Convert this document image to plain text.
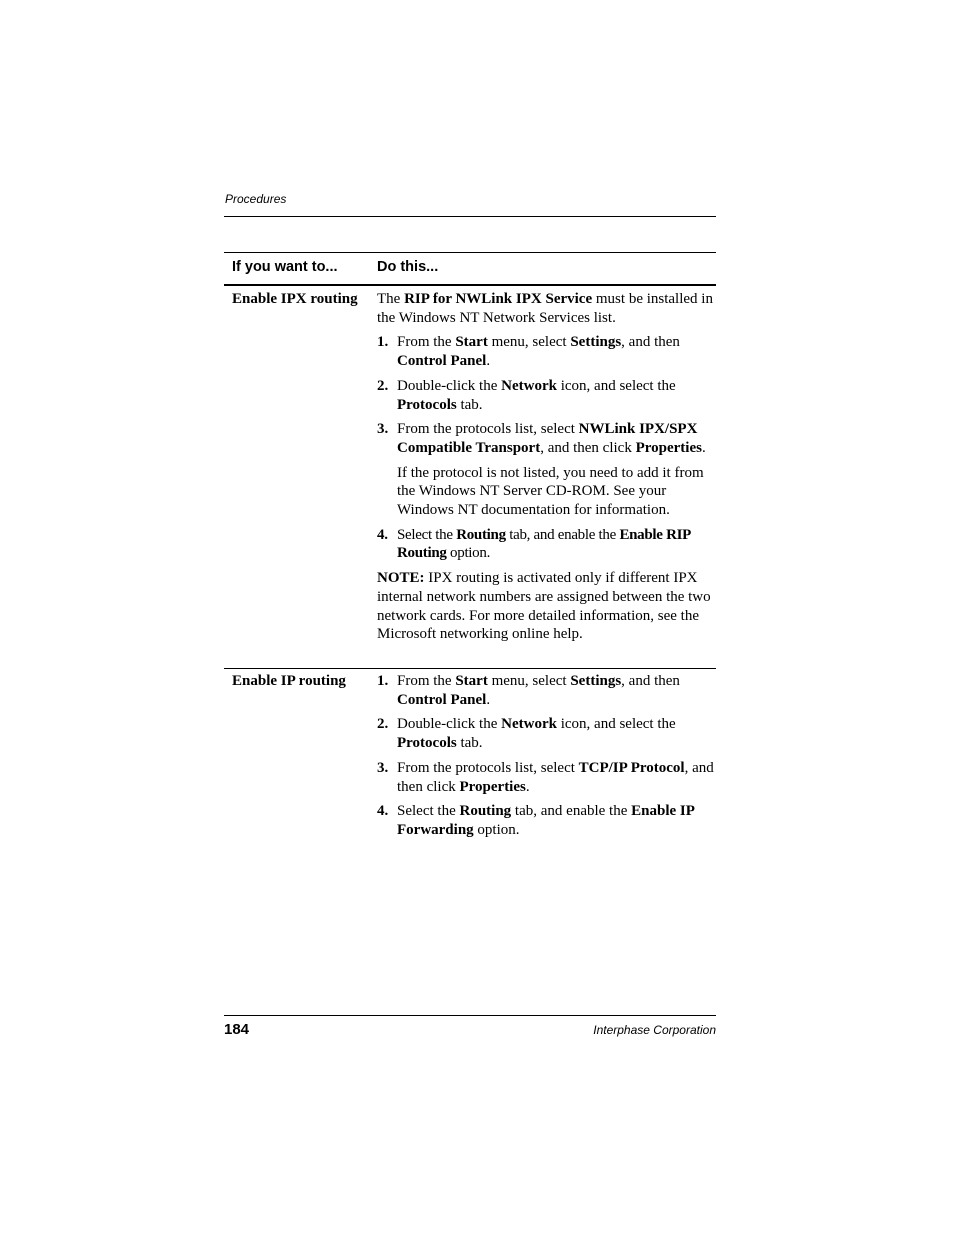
Procedures
If you want to...	Do this...
Enable IPX routing The RIP for NWLink IPX Service must be installed in the Windows NT Network Services list.

1. From the Start menu, select Settings, and then Control Panel.
2. Double-click the Network icon, and select the Protocols tab.
3. From the protocols list, select NWLink IPX/SPX Compatible Transport, and then click Properties.

If the protocol is not listed, you need to add it from the Windows NT Server CD-ROM. See your Windows NT documentation for information.

4. Select the Routing tab, and enable the Enable RIP Routing option.

NOTE: IPX routing is activated only if different IPX internal network numbers are assigned between the two network cards. For more detailed information, see the Microsoft networking online help.

Enable IP routing 1. From the Start menu, select Settings, and then Control Panel.
2. Double-click the Network icon, and select the Protocols tab.
3. From the protocols list, select TCP/IP Protocol, and then click Properties.
4. Select the Routing tab, and enable the Enable IP Forwarding option.
184	Interphase Corporation
